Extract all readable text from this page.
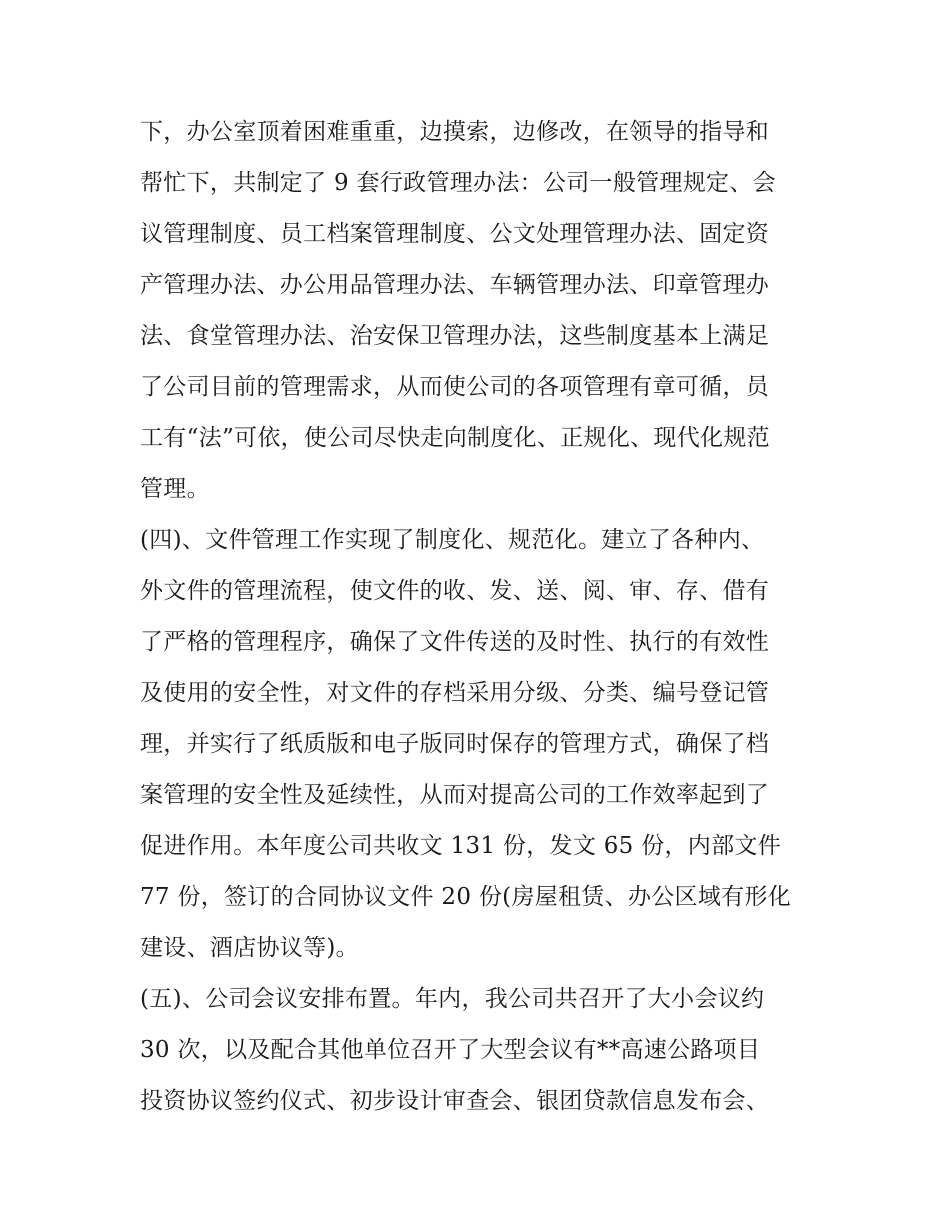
下，办公室顶着困难重重，边摸索，边修改，在领导的指导和
帮忙下，共制定了 9 套行政管理办法：公司一般管理规定、会
议管理制度、员工档案管理制度、公文处理管理办法、固定资
产管理办法、办公用品管理办法、车辆管理办法、印章管理办
法、食堂管理办法、治安保卫管理办法，这些制度基本上满足
了公司目前的管理需求，从而使公司的各项管理有章可循，员
工有“法”可依，使公司尽快走向制度化、正规化、现代化规范
管理。
(四)、文件管理工作实现了制度化、规范化。建立了各种内、
外文件的管理流程，使文件的收、发、送、阅、审、存、借有
了严格的管理程序，确保了文件传送的及时性、执行的有效性
及使用的安全性，对文件的存档采用分级、分类、编号登记管
理，并实行了纸质版和电子版同时保存的管理方式，确保了档
案管理的安全性及延续性，从而对提高公司的工作效率起到了
促进作用。本年度公司共收文 131 份，发文 65 份，内部文件
77 份，签订的合同协议文件 20 份(房屋租赁、办公区域有形化
建设、酒店协议等)。
(五)、公司会议安排布置。年内，我公司共召开了大小会议约
30 次，以及配合其他单位召开了大型会议有**高速公路项目
投资协议签约仪式、初步设计审查会、银团贷款信息发布会、
